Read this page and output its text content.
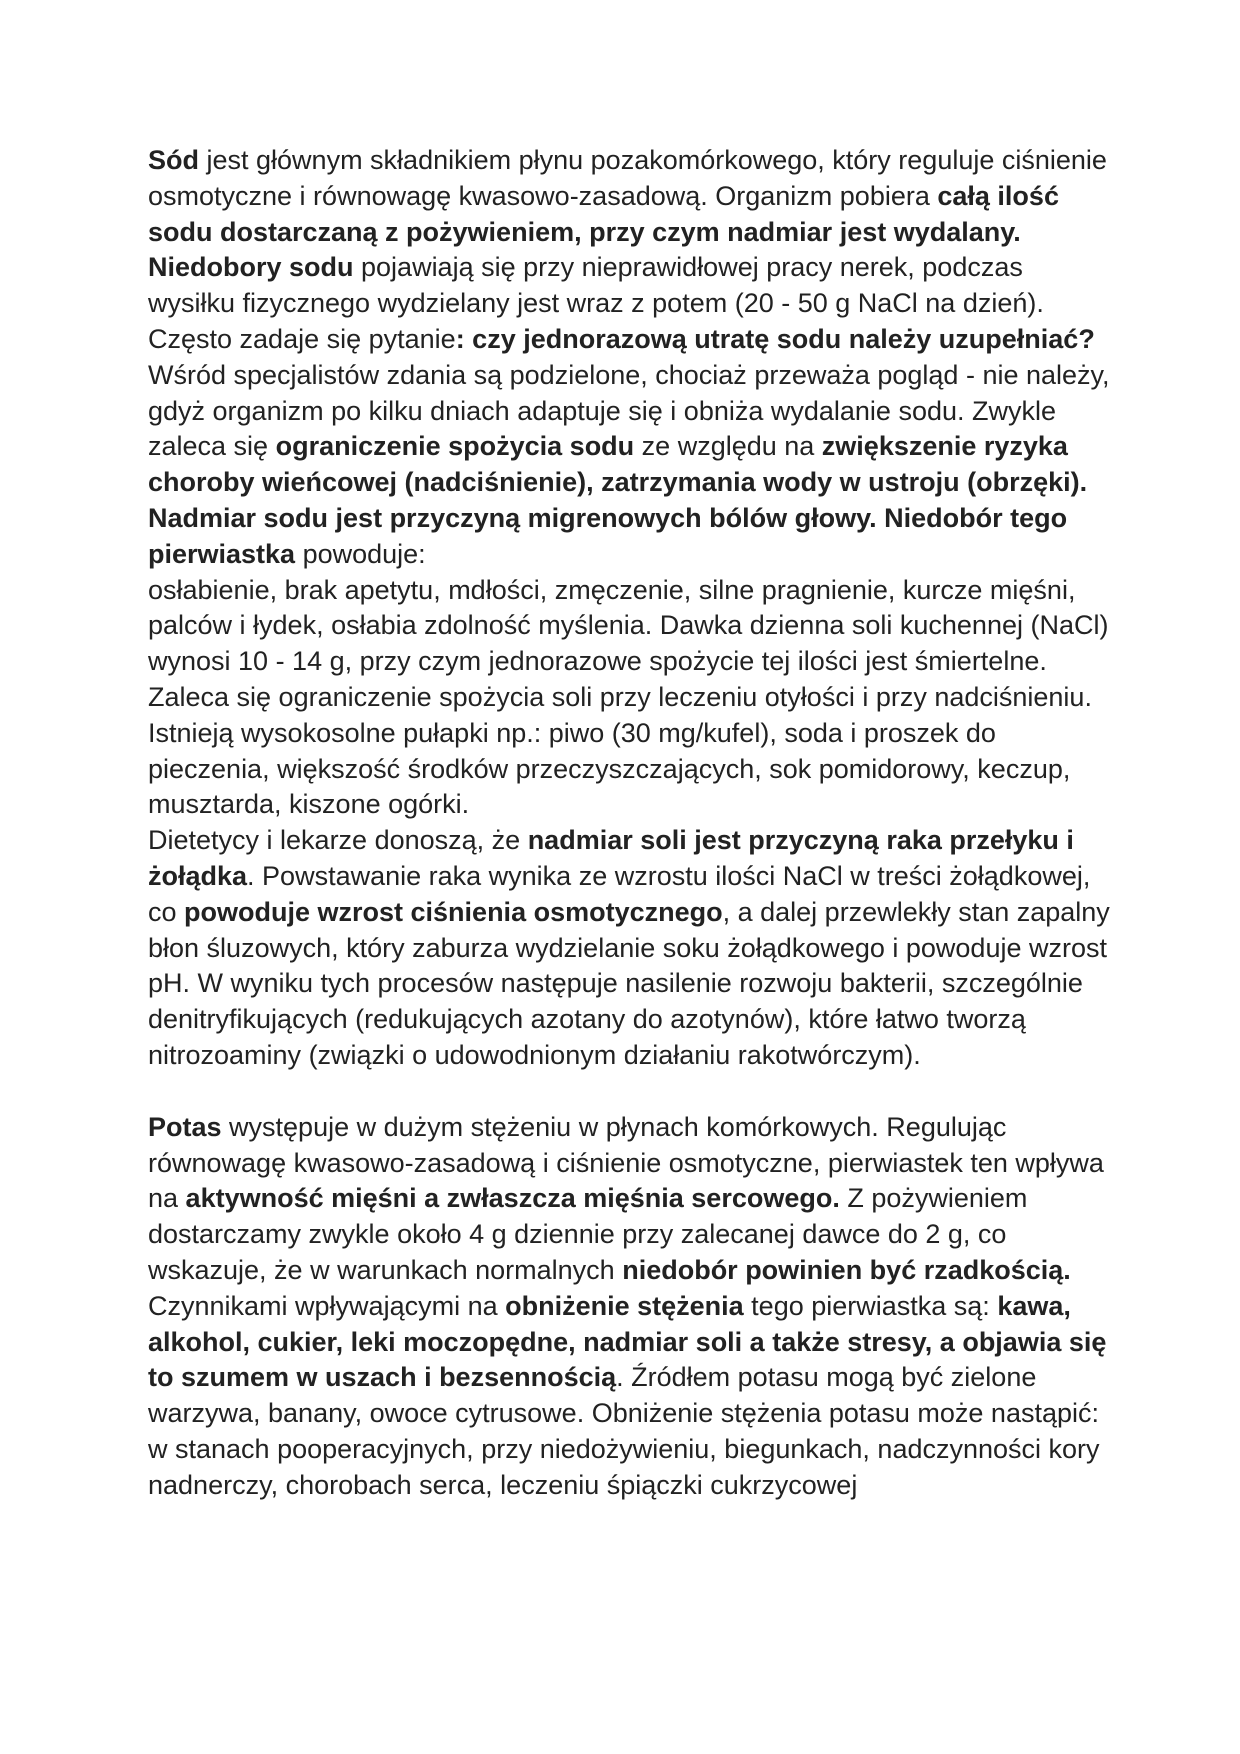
Sód jest głównym składnikiem płynu pozakomórkowego, który reguluje ciśnienie osmotyczne i równowagę kwasowo-zasadową. Organizm pobiera całą ilość sodu dostarczaną z pożywieniem, przy czym nadmiar jest wydalany. Niedobory sodu pojawiają się przy nieprawidłowej pracy nerek, podczas wysiłku fizycznego wydzielany jest wraz z potem (20 - 50 g NaCl na dzień). Często zadaje się pytanie: czy jednorazową utratę sodu należy uzupełniać? Wśród specjalistów zdania są podzielone, chociaż przeważa pogląd - nie należy, gdyż organizm po kilku dniach adaptuje się i obniża wydalanie sodu. Zwykle zaleca się ograniczenie spożycia sodu ze względu na zwiększenie ryzyka choroby wieńcowej (nadciśnienie), zatrzymania wody w ustroju (obrzęki). Nadmiar sodu jest przyczyną migrenowych bólów głowy. Niedobór tego pierwiastka powoduje:

osłabienie, brak apetytu, mdłości, zmęczenie, silne pragnienie, kurcze mięśni, palców i łydek, osłabia zdolność myślenia. Dawka dzienna soli kuchennej (NaCl) wynosi 10 - 14 g, przy czym jednorazowe spożycie tej ilości jest śmiertelne. Zaleca się ograniczenie spożycia soli przy leczeniu otyłości i przy nadciśnieniu. Istnieją wysokosolne pułapki np.: piwo (30 mg/kufel), soda i proszek do pieczenia, większość środków przeczyszczających, sok pomidorowy, keczup, musztarda, kiszone ogórki.

Dietetycy i lekarze donoszą, że nadmiar soli jest przyczyną raka przełyku i żołądka. Powstawanie raka wynika ze wzrostu ilości NaCl w treści żołądkowej, co powoduje wzrost ciśnienia osmotycznego, a dalej przewlekły stan zapalny błon śluzowych, który zaburza wydzielanie soku żołądkowego i powoduje wzrost pH. W wyniku tych procesów następuje nasilenie rozwoju bakterii, szczególnie denitryfikujących (redukujących azotany do azotynów), które łatwo tworzą nitrozoaminy (związki o udowodnionym działaniu rakotwórczym).

Potas występuje w dużym stężeniu w płynach komórkowych. Regulując równowagę kwasowo-zasadową i ciśnienie osmotyczne, pierwiastek ten wpływa na aktywność mięśni a zwłaszcza mięśnia sercowego. Z pożywieniem dostarczamy zwykle około 4 g dziennie przy zalecanej dawce do 2 g, co wskazuje, że w warunkach normalnych niedobór powinien być rzadkością.

Czynnikami wpływającymi na obniżenie stężenia tego pierwiastka są: kawa, alkohol, cukier, leki moczopędne, nadmiar soli a także stresy, a objawia się to szumem w uszach i bezsennością. Źródłem potasu mogą być zielone warzywa, banany, owoce cytrusowe. Obniżenie stężenia potasu może nastąpić: w stanach pooperacyjnych, przy niedożywieniu, biegunkach, nadczynności kory nadnerczy, chorobach serca, leczeniu śpiączki cukrzycowej
